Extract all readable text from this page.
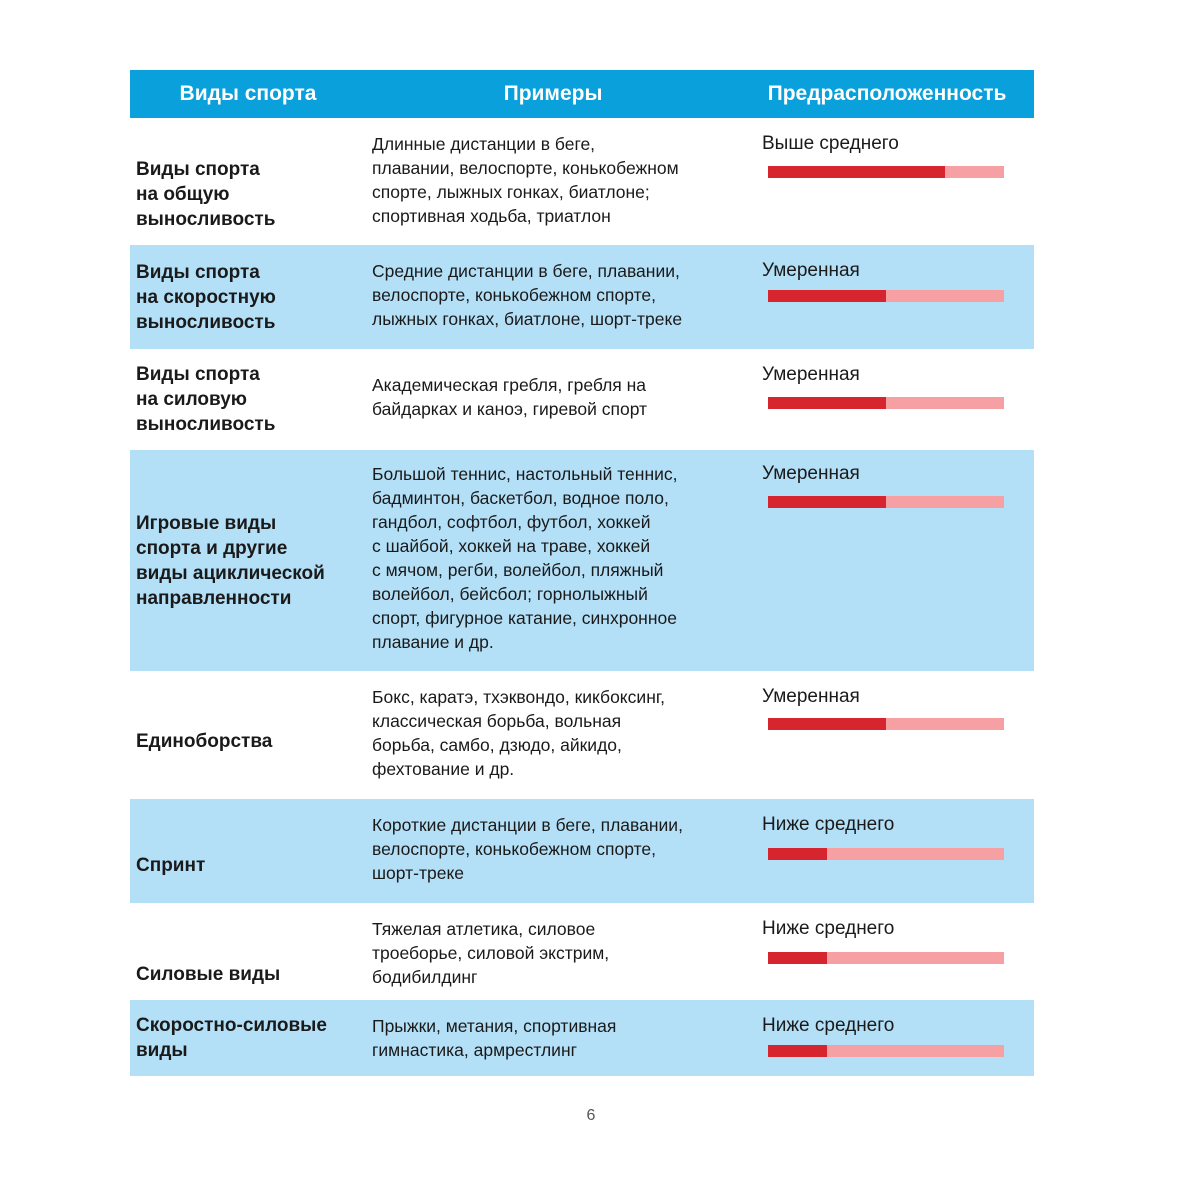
Виды спорта	Примеры	Предрасположенность
Виды спорта
на общую
выносливость
Длинные дистанции в беге,
плавании, велоспорте, конькобежном
спорте, лыжных гонках, биатлоне;
спортивная ходьба, триатлон
Выше среднего
Виды спорта
на скоростную
выносливость
Средние дистанции в беге, плавании,
велоспорте, конькобежном спорте,
лыжных гонках, биатлоне, шорт-треке
Умеренная
Виды спорта
на силовую
выносливость
Академическая гребля, гребля на
байдарках и каноэ, гиревой спорт
Умеренная
Игровые виды
спорта и другие
виды ациклической
направленности
Большой теннис, настольный теннис,
бадминтон, баскетбол, водное поло,
гандбол, софтбол, футбол, хоккей
с шайбой, хоккей на траве, хоккей
с мячом, регби, волейбол, пляжный
волейбол, бейсбол; горнолыжный
спорт, фигурное катание, синхронное
плавание и др.
Умеренная
Единоборства
Бокс, каратэ, тхэквондо, кикбоксинг,
классическая борьба, вольная
борьба, самбо, дзюдо, айкидо,
фехтование и др.
Умеренная
Спринт
Короткие дистанции в беге, плавании,
велоспорте, конькобежном спорте,
шорт-треке
Ниже среднего
Силовые виды
Тяжелая атлетика, силовое
троеборье, силовой экстрим,
бодибилдинг
Ниже среднего
Скоростно-силовые
виды
Прыжки, метания, спортивная
гимнастика, армрестлинг
Ниже среднего
6
